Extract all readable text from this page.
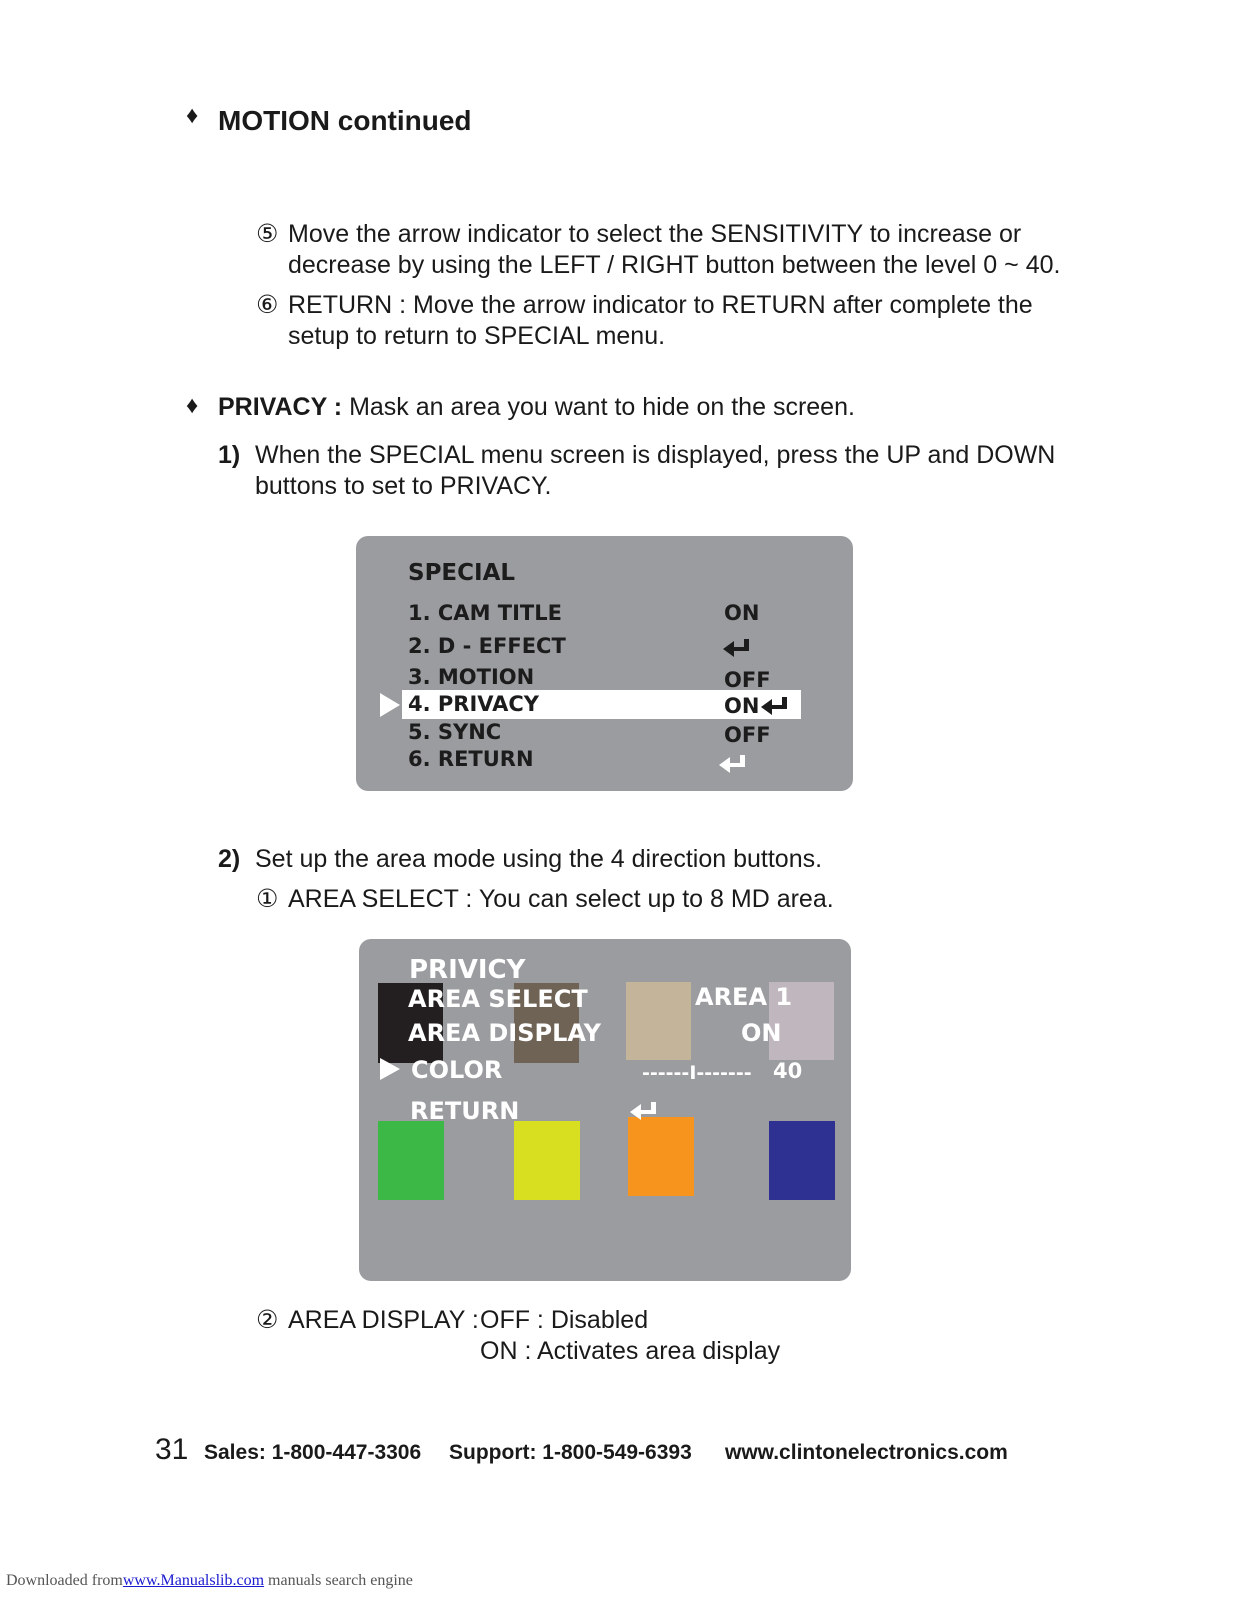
♦ MOTION continued
⑤ Move the arrow indicator to select the SENSITIVITY to increase or
decrease by using the LEFT / RIGHT button between the level 0 ~ 40.
⑥ RETURN : Move the arrow indicator to RETURN after complete the
setup to return to SPECIAL menu.
♦ PRIVACY : Mask an area you want to hide on the screen.
1) When the SPECIAL menu screen is displayed, press the UP and DOWN
buttons to set to PRIVACY.
SPECIAL
1. CAM TITLE	ON
2. D - EFFECT
3. MOTION	OFF
4. PRIVACY	ON
5. SYNC	OFF
6. RETURN
2) Set up the area mode using the 4 direction buttons.
① AREA SELECT : You can select up to 8 MD area.
PRIVICY
AREA SELECT	AREA 1
AREA DISPLAY	ON
COLOR	------I------- 40
RETURN
② AREA DISPLAY : OFF : Disabled
ON : Activates area display
31 Sales: 1-800-447-3306 Support: 1-800-549-6393 www.clintonelectronics.com
Downloaded fromwww.Manualslib.com manuals search engine
